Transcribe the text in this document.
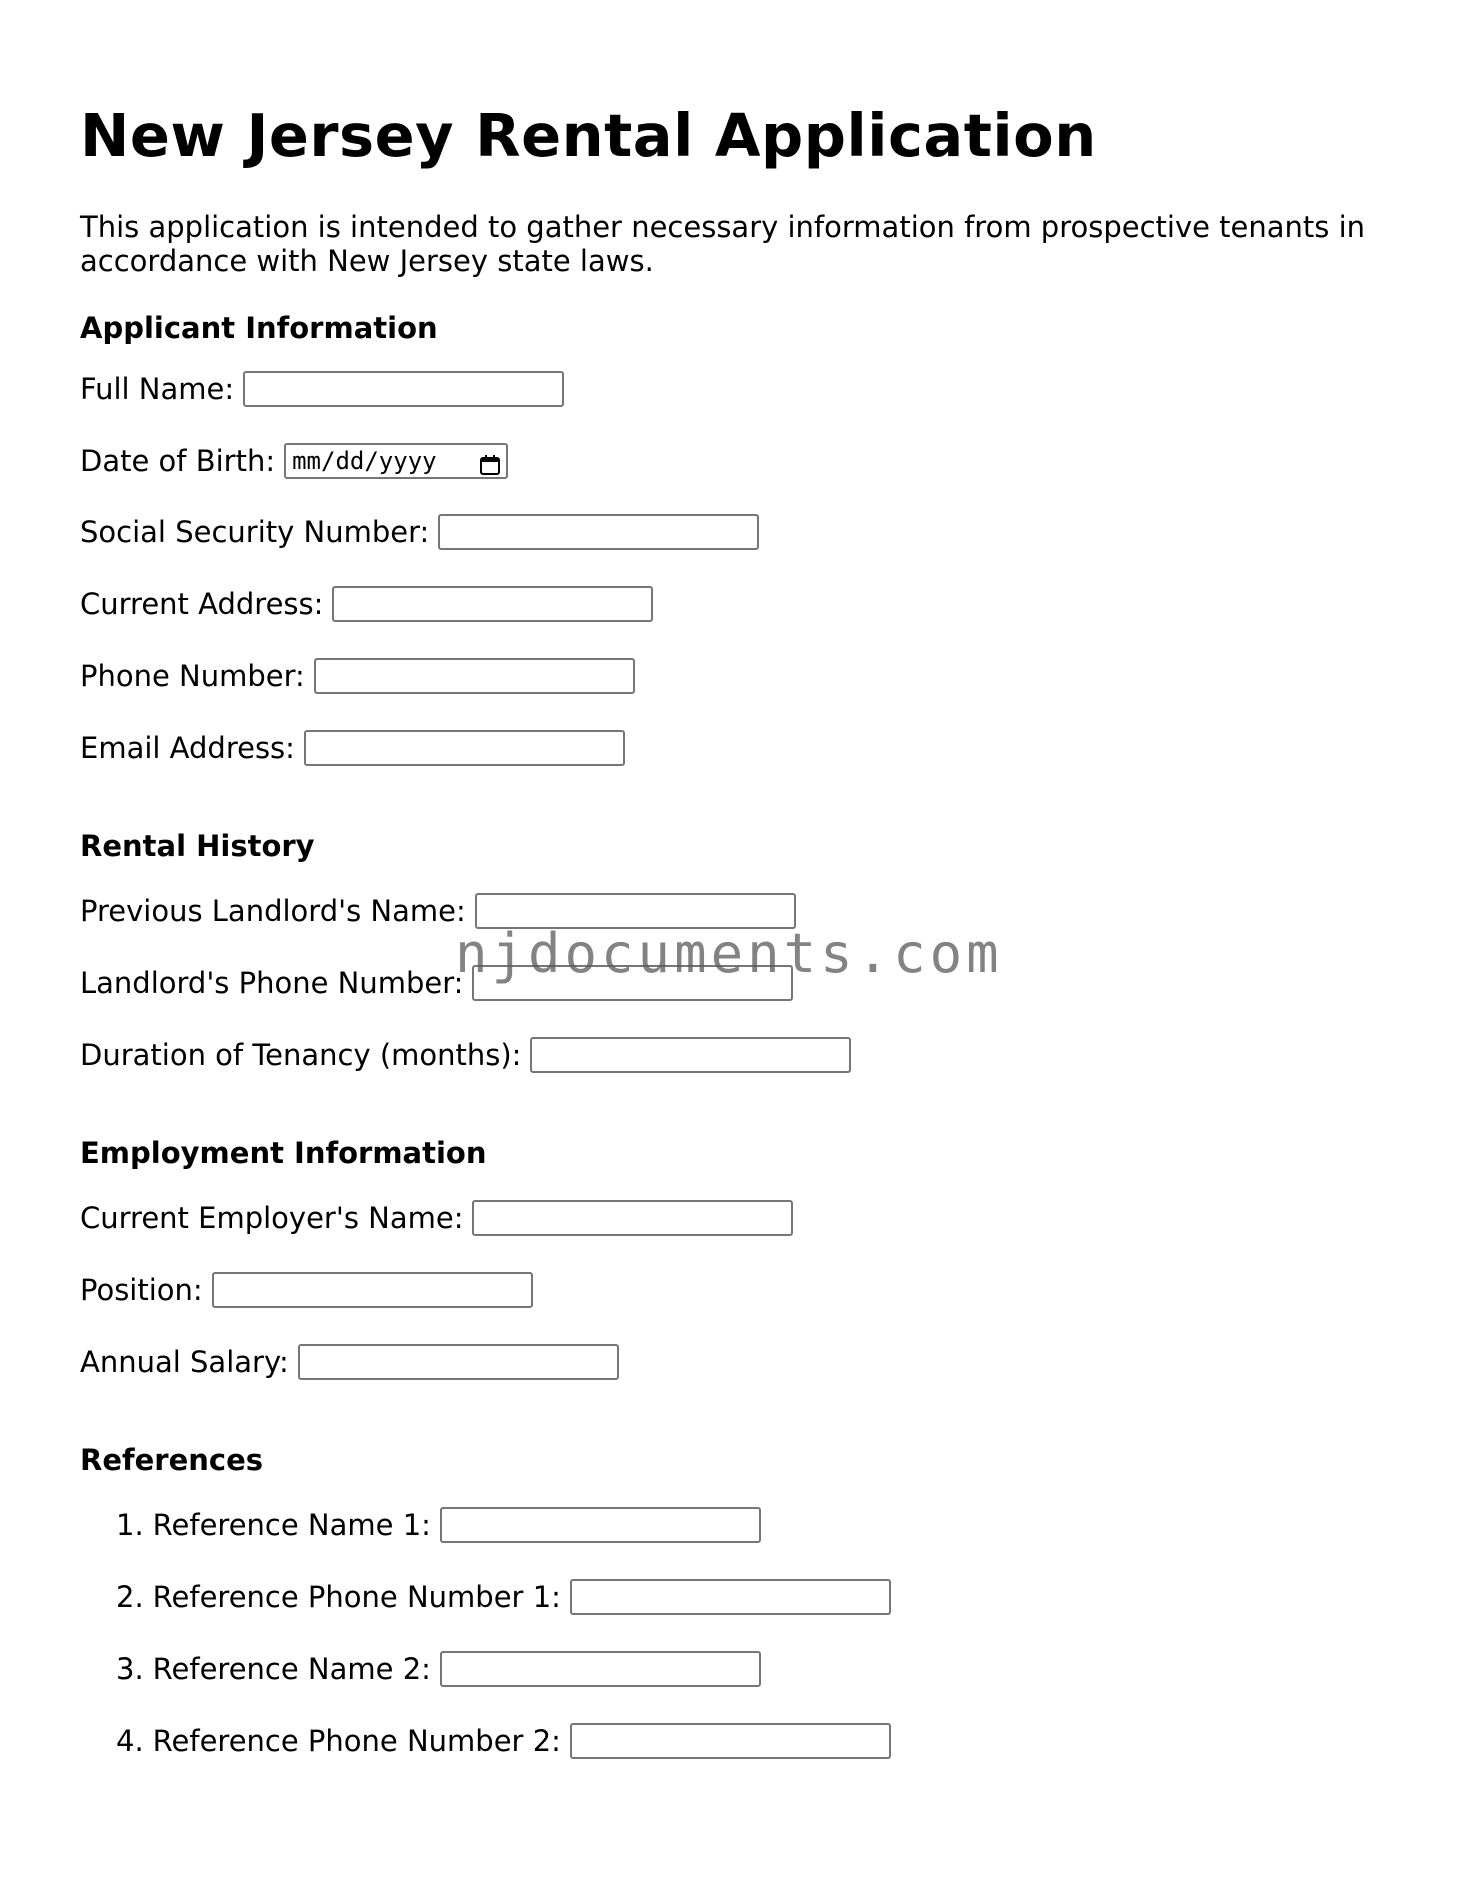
New Jersey Rental Application

This application is intended to gather necessary information from prospective tenants in accordance with New Jersey state laws.

Applicant Information
Full Name:
Date of Birth: mm/dd/yyyy
Social Security Number:
Current Address:
Phone Number:
Email Address:
Rental History
Previous Landlord's Name:
Landlord's Phone Number:
Duration of Tenancy (months):
Employment Information
Current Employer's Name:
Position:
Annual Salary:
References
1. Reference Name 1:
2. Reference Phone Number 1:
3. Reference Name 2:
4. Reference Phone Number 2:
njdocuments.com
